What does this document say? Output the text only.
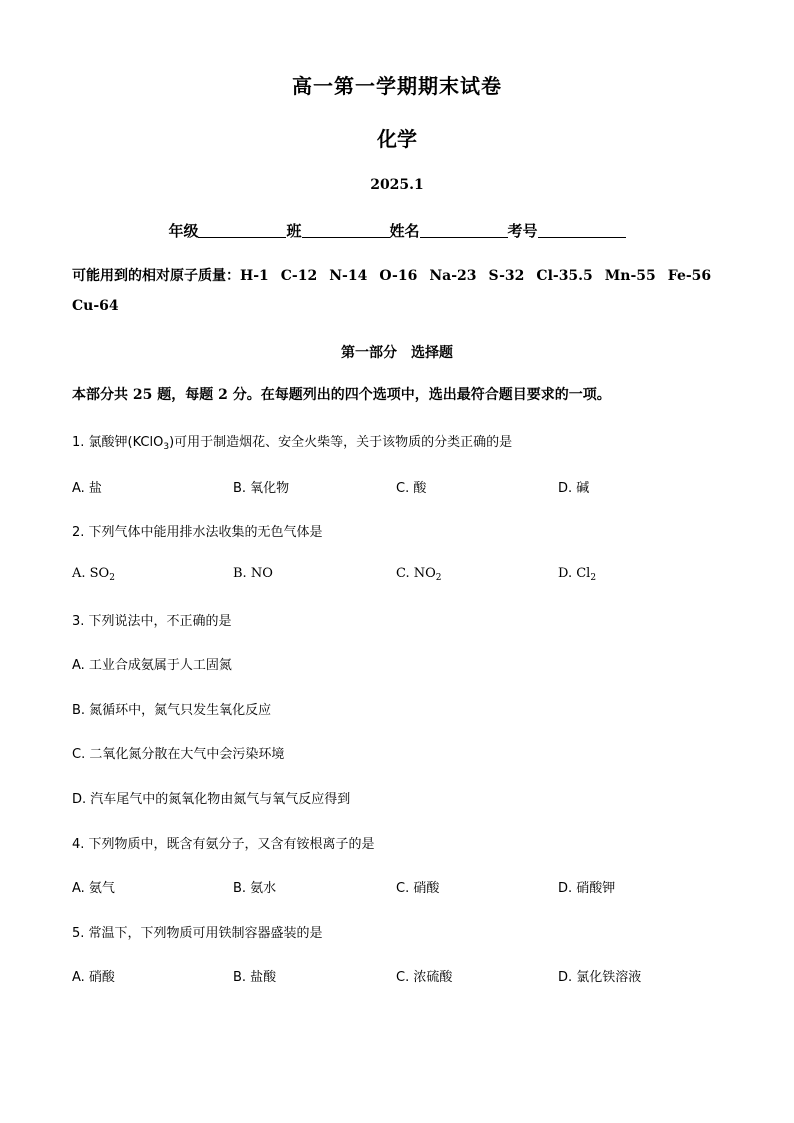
高一第一学期期末试卷
化学
2025.1
年级	班	姓名	考号
可能用到的相对原子质量：H-1 C-12 N-14 O-16 Na-23 S-32 Cl-35.5 Mn-55 Fe-56
Cu-64
第一部分 选择题
本部分共 25 题，每题 2 分。在每题列出的四个选项中，选出最符合题目要求的一项。
1. 氯酸钾(KClO$_3$)可用于制造烟花、安全火柴等，关于该物质的分类正确的是
A. 盐	B. 氧化物	C. 酸	D. 碱
2. 下列气体中能用排水法收集的无色气体是
A. $SO_2$	B. NO	C. $NO_2$	D. $Cl_2$
3. 下列说法中，不正确的是
A. 工业合成氨属于人工固氮
B. 氮循环中，氮气只发生氧化反应
C. 二氧化氮分散在大气中会污染环境
D. 汽车尾气中的氮氧化物由氮气与氧气反应得到
4. 下列物质中，既含有氨分子，又含有铵根离子的是
A. 氨气	B. 氨水	C. 硝酸	D. 硝酸钾
5. 常温下，下列物质可用铁制容器盛装的是
A. 硝酸	B. 盐酸	C. 浓硫酸	D. 氯化铁溶液
